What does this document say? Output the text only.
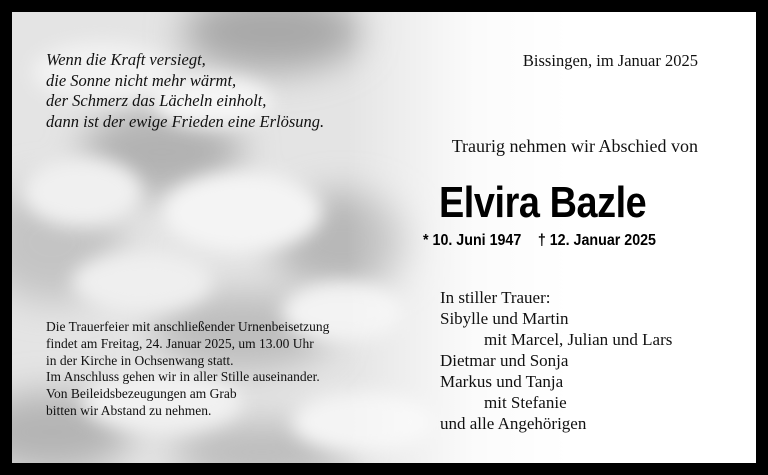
Wenn die Kraft versiegt,
die Sonne nicht mehr wärmt,
der Schmerz das Lächeln einholt,
dann ist der ewige Frieden eine Erlösung.
Bissingen, im Januar 2025
Traurig nehmen wir Abschied von
Elvira Bazle
* 10. Juni 1947 † 12. Januar 2025
Die Trauerfeier mit anschließender Urnenbeisetzung
findet am Freitag, 24. Januar 2025, um 13.00 Uhr
in der Kirche in Ochsenwang statt.
Im Anschluss gehen wir in aller Stille auseinander.
Von Beileidsbezeugungen am Grab
bitten wir Abstand zu nehmen.
In stiller Trauer:
Sibylle und Martin
mit Marcel, Julian und Lars
Dietmar und Sonja
Markus und Tanja
mit Stefanie
und alle Angehörigen
